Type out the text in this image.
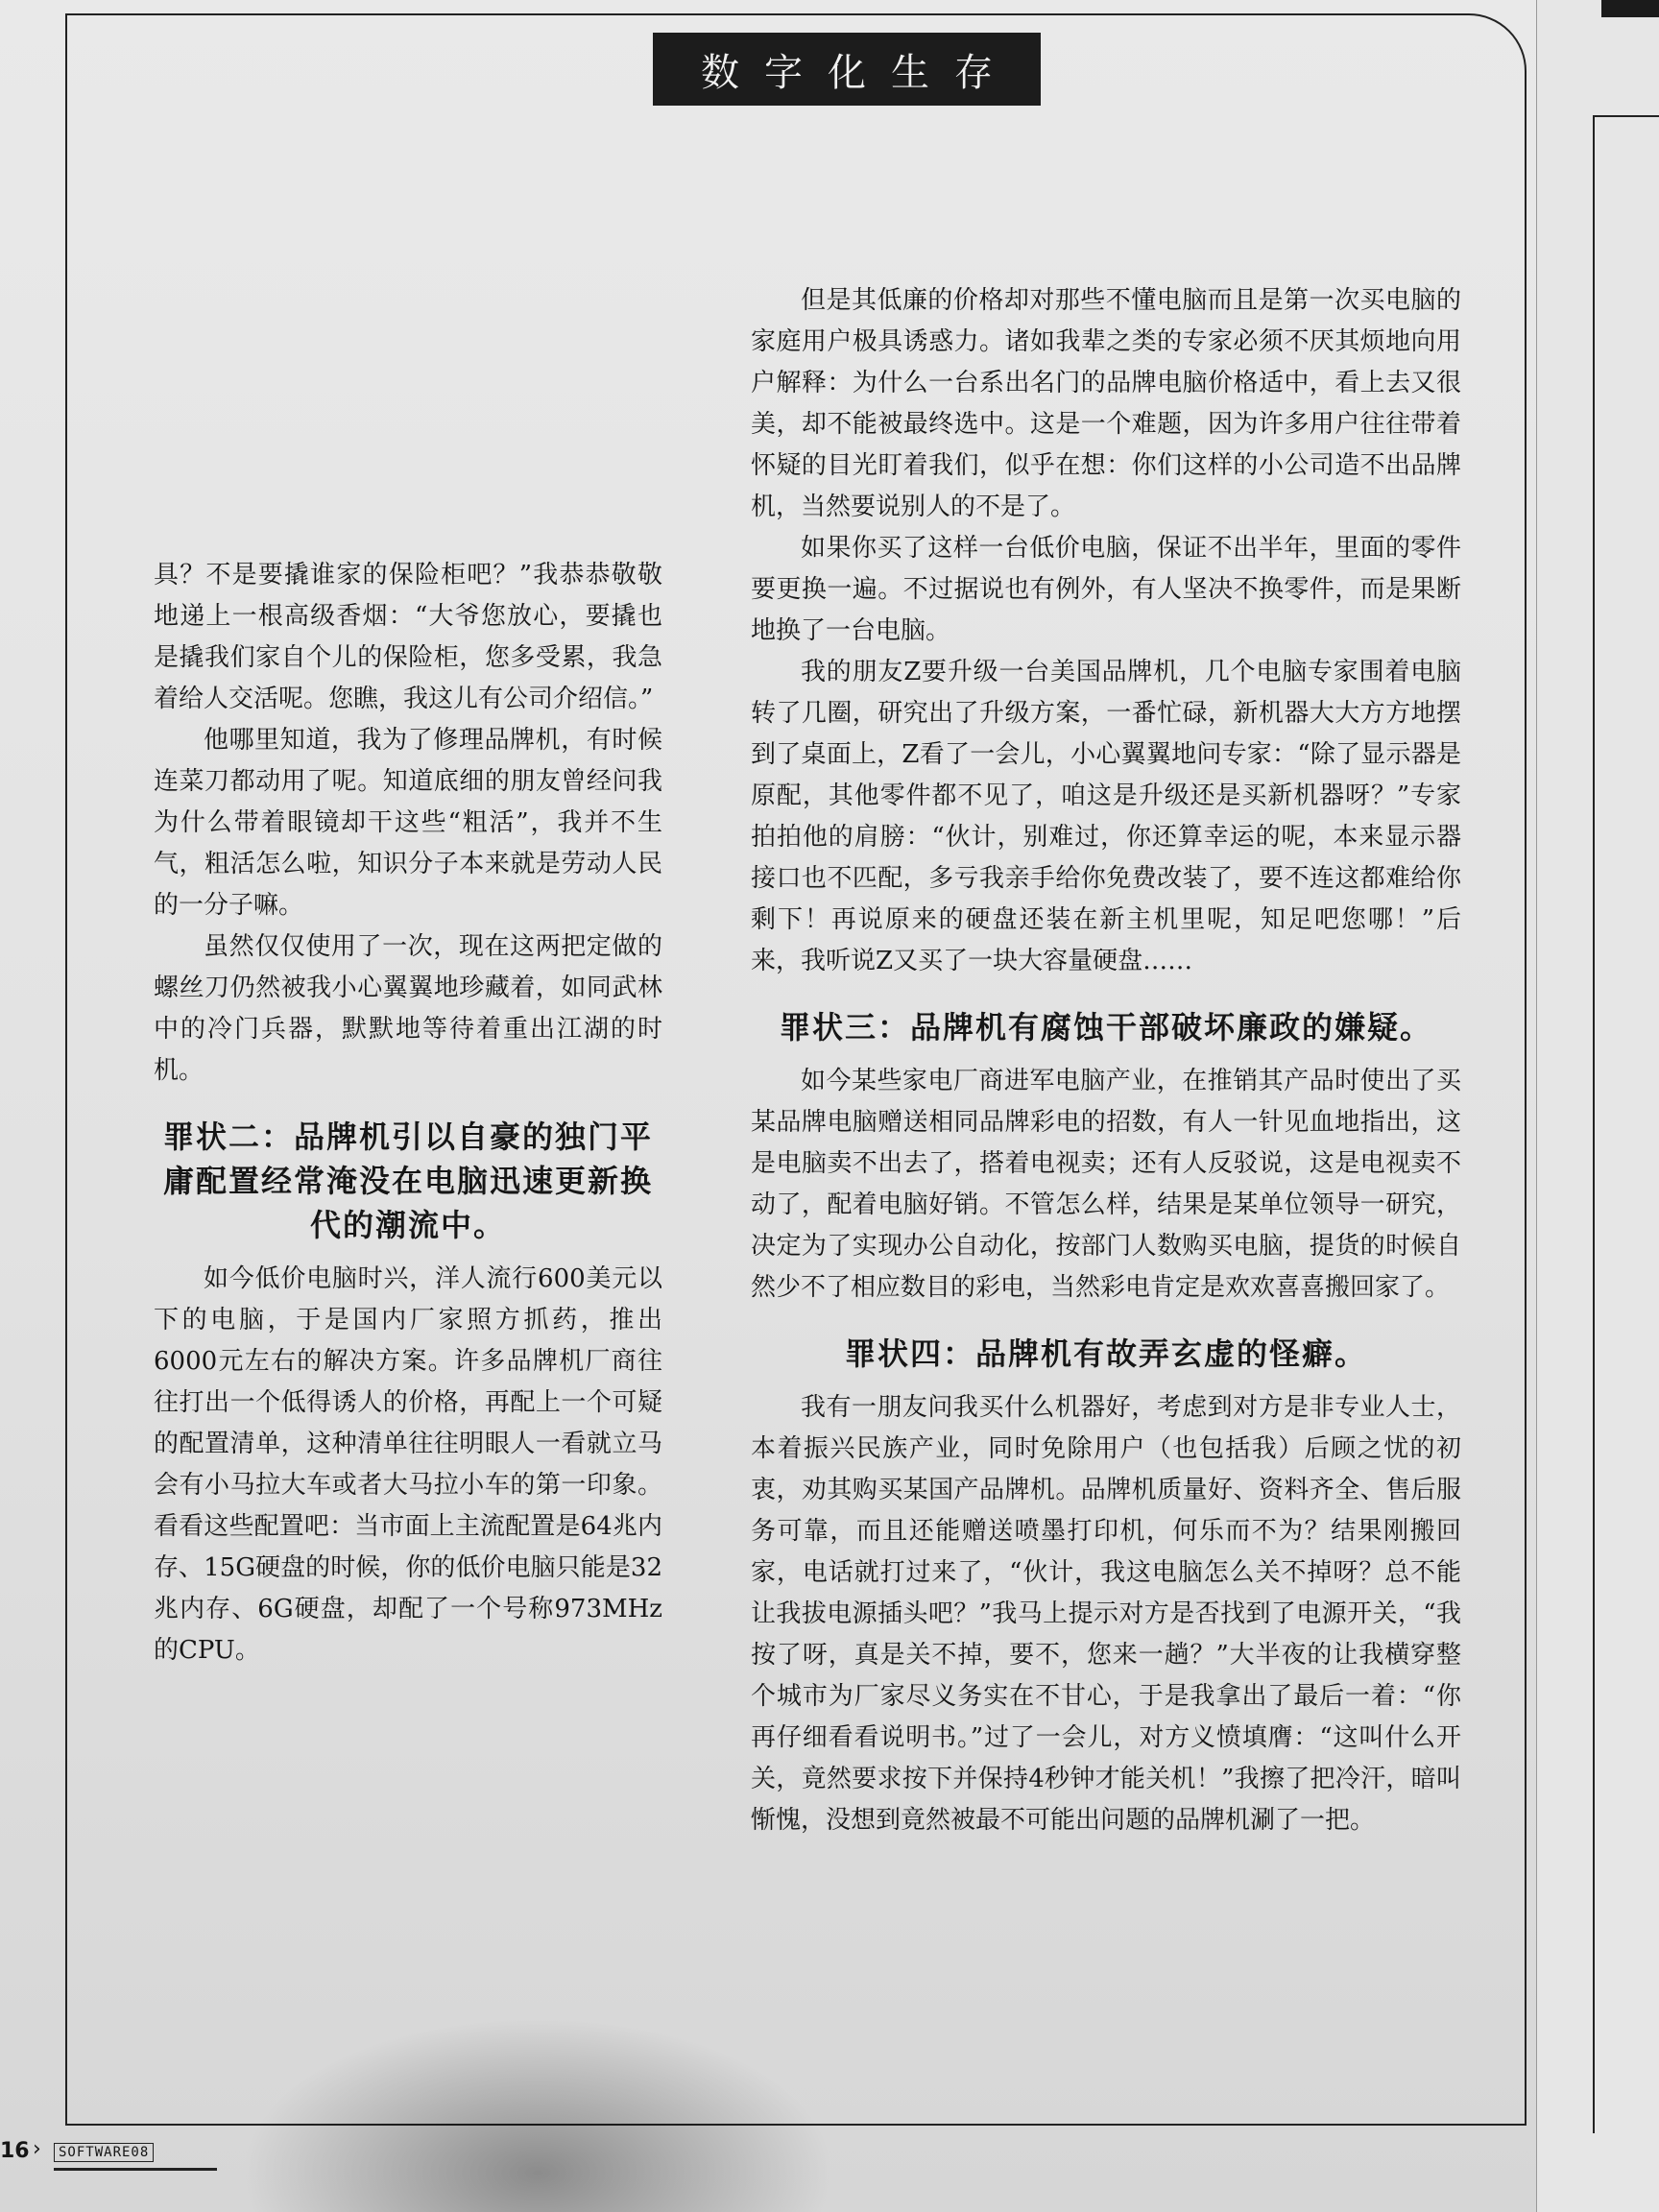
数字化生存

具？不是要撬谁家的保险柜吧？”我恭恭敬敬地递上一根高级香烟：“大爷您放心，要撬也是撬我们家自个儿的保险柜，您多受累，我急着给人交活呢。您瞧，我这儿有公司介绍信。”

他哪里知道，我为了修理品牌机，有时候连菜刀都动用了呢。知道底细的朋友曾经问我为什么带着眼镜却干这些“粗活”，我并不生气，粗活怎么啦，知识分子本来就是劳动人民的一分子嘛。

虽然仅仅使用了一次，现在这两把定做的螺丝刀仍然被我小心翼翼地珍藏着，如同武林中的冷门兵器，默默地等待着重出江湖的时机。

罪状二：品牌机引以自豪的独门平庸配置经常淹没在电脑迅速更新换代的潮流中。

如今低价电脑时兴，洋人流行600美元以下的电脑，于是国内厂家照方抓药，推出6000元左右的解决方案。许多品牌机厂商往往打出一个低得诱人的价格，再配上一个可疑的配置清单，这种清单往往明眼人一看就立马会有小马拉大车或者大马拉小车的第一印象。看看这些配置吧：当市面上主流配置是64兆内存、15G硬盘的时候，你的低价电脑只能是32兆内存、6G硬盘，却配了一个号称973MHz的CPU。

但是其低廉的价格却对那些不懂电脑而且是第一次买电脑的家庭用户极具诱惑力。诸如我辈之类的专家必须不厌其烦地向用户解释：为什么一台系出名门的品牌电脑价格适中，看上去又很美，却不能被最终选中。这是一个难题，因为许多用户往往带着怀疑的目光盯着我们，似乎在想：你们这样的小公司造不出品牌机，当然要说别人的不是了。

如果你买了这样一台低价电脑，保证不出半年，里面的零件要更换一遍。不过据说也有例外，有人坚决不换零件，而是果断地换了一台电脑。

我的朋友Z要升级一台美国品牌机，几个电脑专家围着电脑转了几圈，研究出了升级方案，一番忙碌，新机器大大方方地摆到了桌面上，Z看了一会儿，小心翼翼地问专家：“除了显示器是原配，其他零件都不见了，咱这是升级还是买新机器呀？”专家拍拍他的肩膀：“伙计，别难过，你还算幸运的呢，本来显示器接口也不匹配，多亏我亲手给你免费改装了，要不连这都难给你剩下！再说原来的硬盘还装在新主机里呢，知足吧您哪！”后来，我听说Z又买了一块大容量硬盘……

罪状三：品牌机有腐蚀干部破坏廉政的嫌疑。

如今某些家电厂商进军电脑产业，在推销其产品时使出了买某品牌电脑赠送相同品牌彩电的招数，有人一针见血地指出，这是电脑卖不出去了，搭着电视卖；还有人反驳说，这是电视卖不动了，配着电脑好销。不管怎么样，结果是某单位领导一研究，决定为了实现办公自动化，按部门人数购买电脑，提货的时候自然少不了相应数目的彩电，当然彩电肯定是欢欢喜喜搬回家了。

罪状四：品牌机有故弄玄虚的怪癖。

我有一朋友问我买什么机器好，考虑到对方是非专业人士，本着振兴民族产业，同时免除用户（也包括我）后顾之忧的初衷，劝其购买某国产品牌机。品牌机质量好、资料齐全、售后服务可靠，而且还能赠送喷墨打印机，何乐而不为？结果刚搬回家，电话就打过来了，“伙计，我这电脑怎么关不掉呀？总不能让我拔电源插头吧？”我马上提示对方是否找到了电源开关，“我按了呀，真是关不掉，要不，您来一趟？”大半夜的让我横穿整个城市为厂家尽义务实在不甘心，于是我拿出了最后一着：“你再仔细看看说明书。”过了一会儿，对方义愤填膺：“这叫什么开关，竟然要求按下并保持4秒钟才能关机！”我擦了把冷汗，暗叫惭愧，没想到竟然被最不可能出问题的品牌机涮了一把。

16 ›	SOFTWARE08
